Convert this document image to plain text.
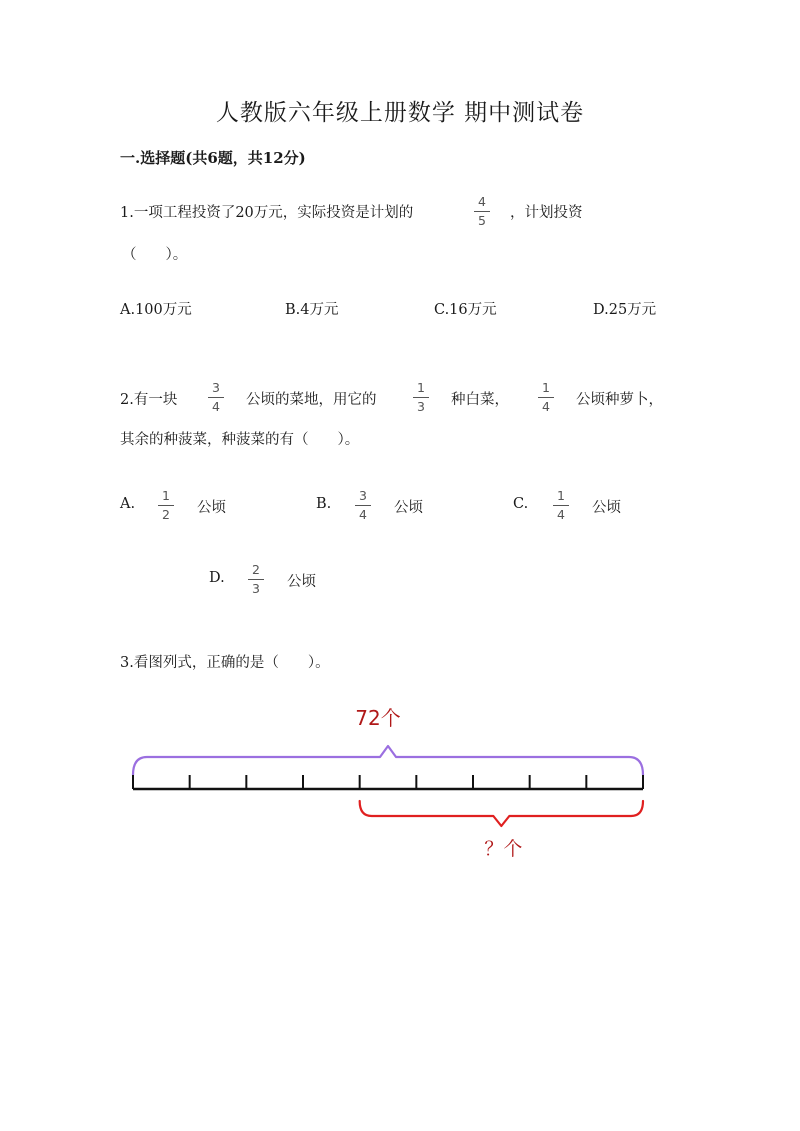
人教版六年级上册数学 期中测试卷
一.选择题(共6题，共12分)
1.一项工程投资了20万元，实际投资是计划的
4
5	，计划投资
（　　）。
A.100万元	B.4万元	C.16万元	D.25万元
2.有一块
3
4	公顷的菜地，用它的
1
3	种白菜，
1
4	公顷种萝卜，
其余的种菠菜，种菠菜的有（　　）。
A.
1
2	公顷	B.
3
4	公顷	C.
1
4	公顷
D.
2
3	公顷
3.看图列式，正确的是（　　）。
72个
？个
